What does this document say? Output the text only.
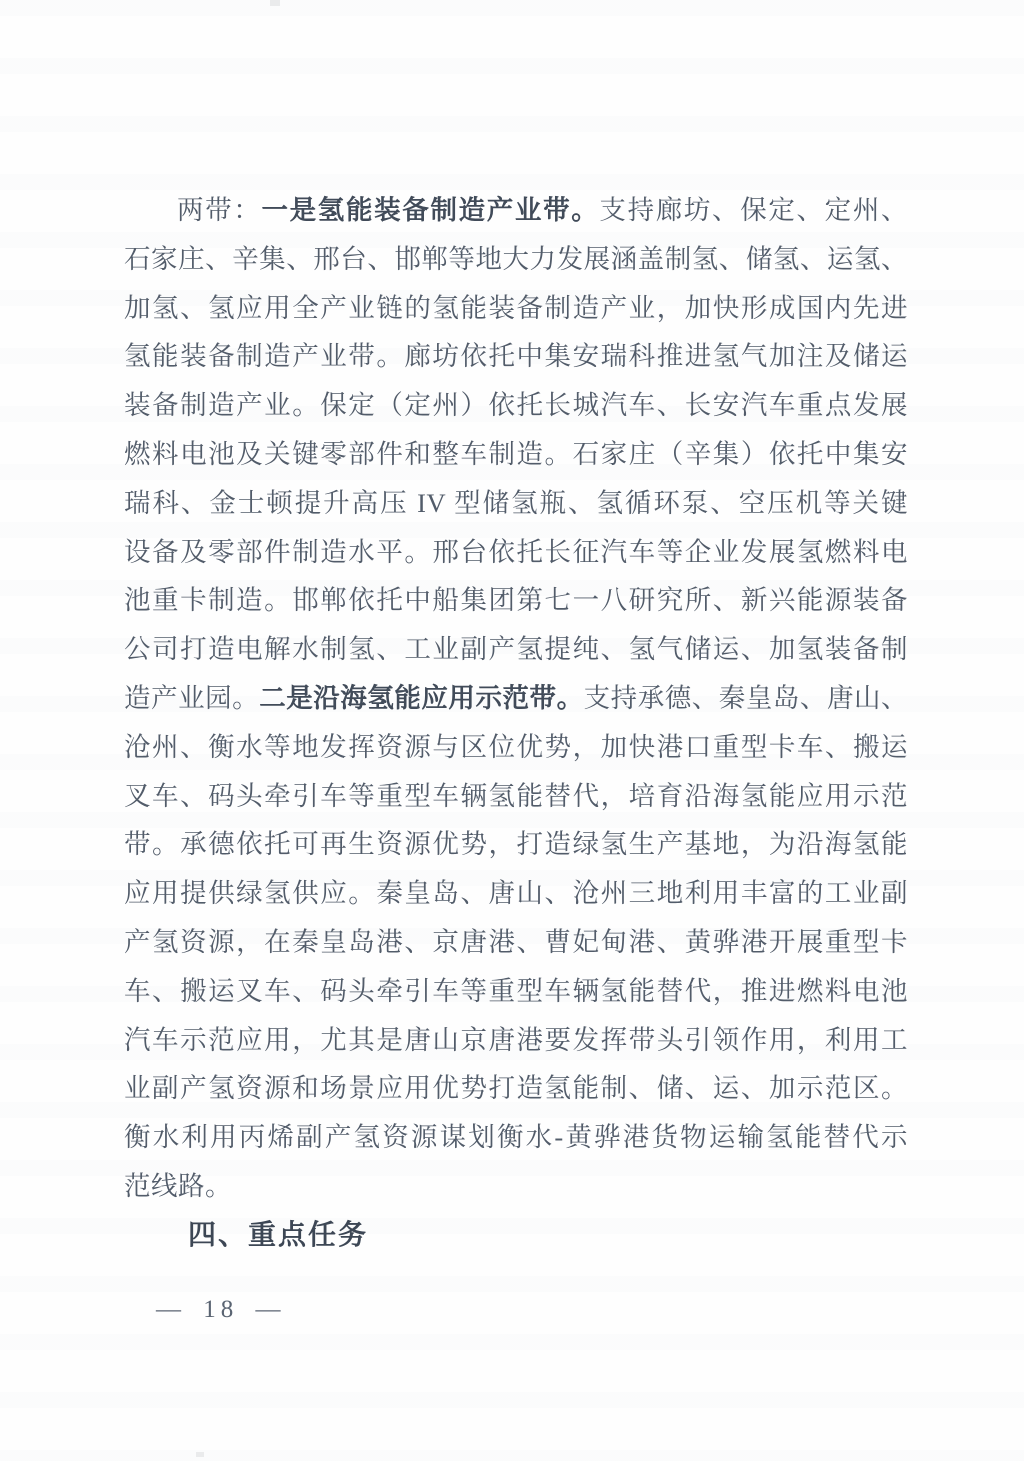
两带：一是氢能装备制造产业带。支持廊坊、保定、定州、
石家庄、辛集、邢台、邯郸等地大力发展涵盖制氢、储氢、运氢、
加氢、氢应用全产业链的氢能装备制造产业，加快形成国内先进
氢能装备制造产业带。廊坊依托中集安瑞科推进氢气加注及储运
装备制造产业。保定（定州）依托长城汽车、长安汽车重点发展
燃料电池及关键零部件和整车制造。石家庄（辛集）依托中集安
瑞科、金士顿提升高压 IV 型储氢瓶、氢循环泵、空压机等关键
设备及零部件制造水平。邢台依托长征汽车等企业发展氢燃料电
池重卡制造。邯郸依托中船集团第七一八研究所、新兴能源装备
公司打造电解水制氢、工业副产氢提纯、氢气储运、加氢装备制
造产业园。二是沿海氢能应用示范带。支持承德、秦皇岛、唐山、
沧州、衡水等地发挥资源与区位优势，加快港口重型卡车、搬运
叉车、码头牵引车等重型车辆氢能替代，培育沿海氢能应用示范
带。承德依托可再生资源优势，打造绿氢生产基地，为沿海氢能
应用提供绿氢供应。秦皇岛、唐山、沧州三地利用丰富的工业副
产氢资源，在秦皇岛港、京唐港、曹妃甸港、黄骅港开展重型卡
车、搬运叉车、码头牵引车等重型车辆氢能替代，推进燃料电池
汽车示范应用，尤其是唐山京唐港要发挥带头引领作用，利用工
业副产氢资源和场景应用优势打造氢能制、储、运、加示范区。
衡水利用丙烯副产氢资源谋划衡水-黄骅港货物运输氢能替代示
范线路。
四、重点任务
— 18 —
